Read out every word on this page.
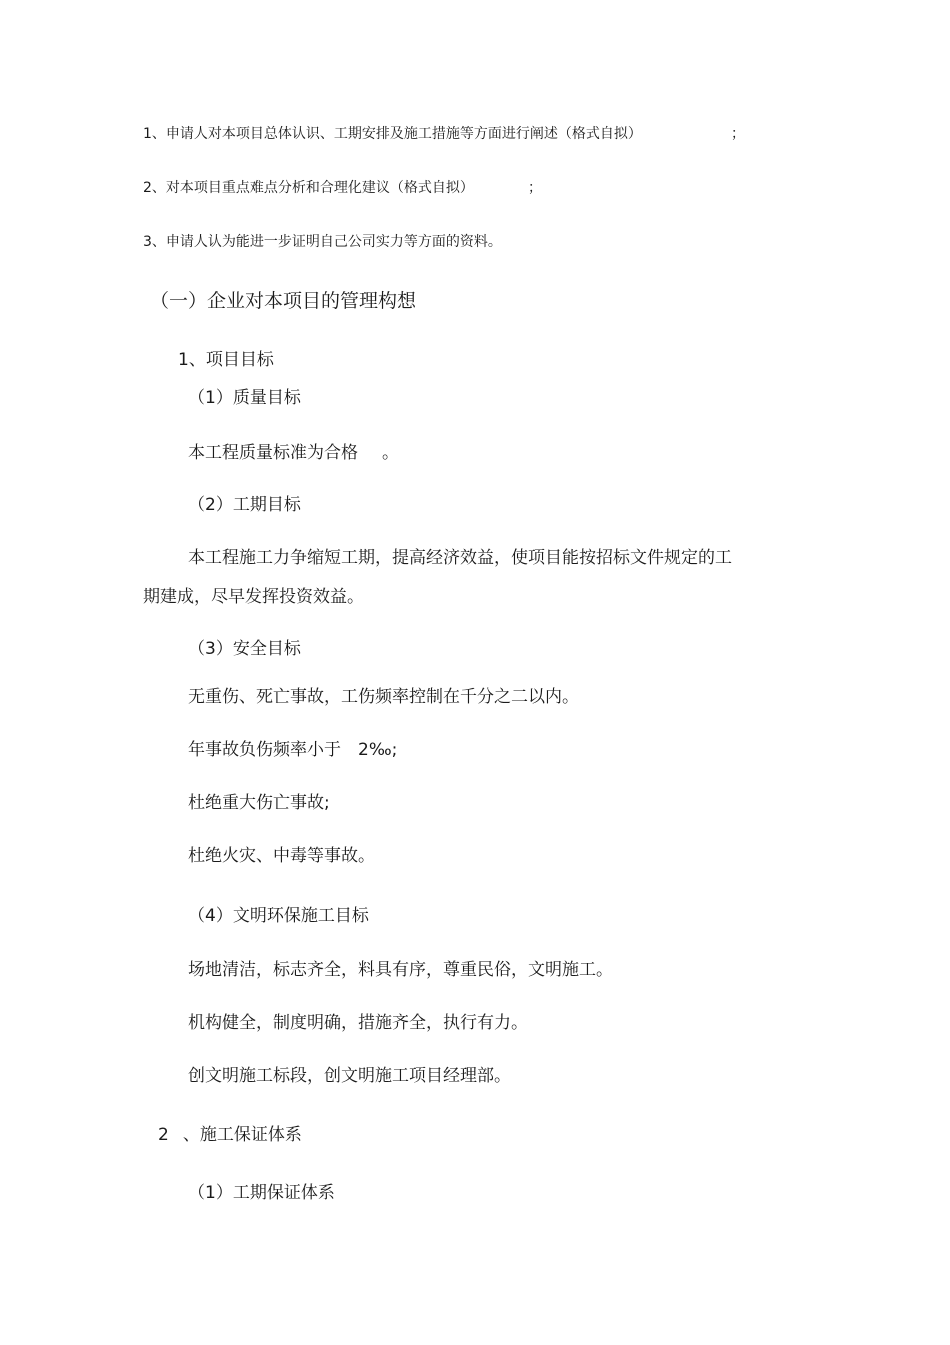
1、申请人对本项目总体认识、工期安排及施工措施等方面进行阐述（格式自拟）	；
2、对本项目重点难点分析和合理化建议（格式自拟）	；
3、申请人认为能进一步证明自己公司实力等方面的资料。
（一）企业对本项目的管理构想
1、项目目标
（1）质量目标
本工程质量标准为合格 。
（2）工期目标
本工程施工力争缩短工期，提高经济效益，使项目能按招标文件规定的工
期建成，尽早发挥投资效益。
（3）安全目标
无重伤、死亡事故，工伤频率控制在千分之二以内。
年事故负伤频率小于　2‰;
杜绝重大伤亡事故;
杜绝火灾、中毒等事故。
（4）文明环保施工目标
场地清洁，标志齐全，料具有序，尊重民俗，文明施工。
机构健全，制度明确，措施齐全，执行有力。
创文明施工标段，创文明施工项目经理部。
2 、施工保证体系
（1）工期保证体系
